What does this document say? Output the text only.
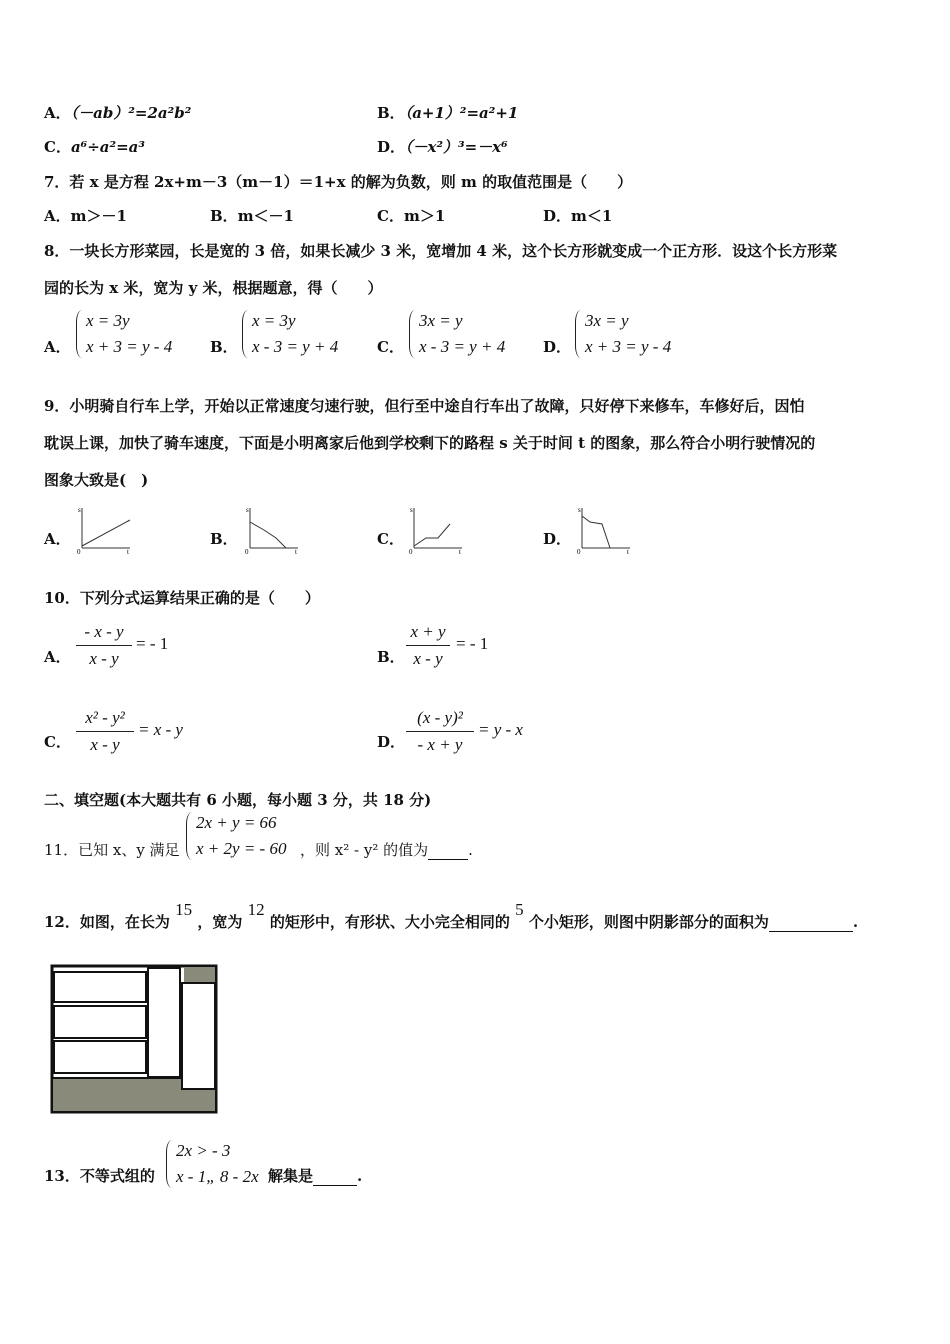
A．（－ab）²=2a²b²	B．（a+1）²=a²+1
C．a⁶÷a²=a³	D．（－x²）³=－x⁶
7．若 x 是方程 2x+m－3（m－1）＝1+x 的解为负数，则 m 的取值范围是（　　）
A．m＞－1	B．m＜－1	C．m＞1	D．m＜1
8．一块长方形菜园，长是宽的 3 倍，如果长减少 3 米，宽增加 4 米，这个长方形就变成一个正方形．设这个长方形菜
园的长为 x 米，宽为 y 米，根据题意，得（　　）
A．
x = 3y
x + 3 = y - 4	B．
x = 3y
x - 3 = y + 4	C．
3x = y
x - 3 = y + 4	D．
3x = y
x + 3 = y - 4
9．小明骑自行车上学，开始以正常速度匀速行驶，但行至中途自行车出了故障，只好停下来修车，车修好后，因怕
耽误上课，加快了骑车速度，下面是小明离家后他到学校剩下的路程 s 关于时间 t 的图象，那么符合小明行驶情况的
图象大致是(　)
A．
s
t
0
B．
s
t
0
C．
s
t
0
D．
s
t
0
10．下列分式运算结果正确的是（　　）
A．
- x - y
x - y
= - 1
B．
x + y
x - y
= - 1
C．
x² - y²
x - y
= x - y
D．
(x - y)²
- x + y
= y - x
二、填空题(本大题共有 6 小题，每小题 3 分，共 18 分)
11．已知 x、y 满足
2x + y = 66
x + 2y = - 60 ，则 x² - y² 的值为	.
12．如图，在长为 15 ，宽为 12 的矩形中，有形状、大小完全相同的 5 个小矩形，则图中阴影部分的面积为	.
13．不等式组的
2x > - 3
x - 1„ 8 - 2x 解集是	.
